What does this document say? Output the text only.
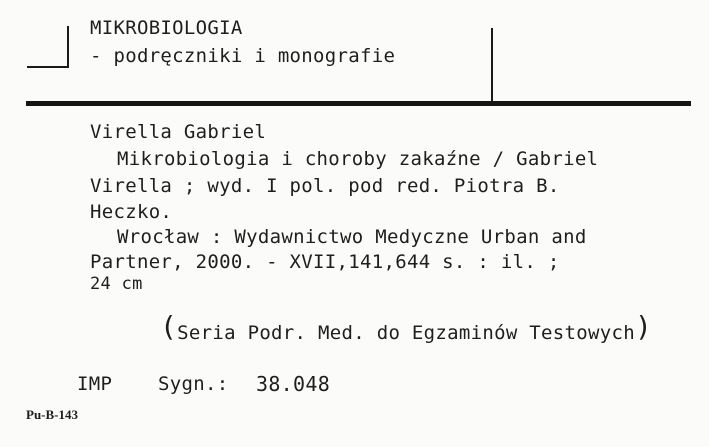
MIKROBIOLOGIA
- podręczniki i monografie
Virella Gabriel
Mikrobiologia i choroby zakaźne / Gabriel
Virella ; wyd. I pol. pod red. Piotra B.
Heczko.
Wrocław : Wydawnictwo Medyczne Urban and
Partner, 2000. - XVII,141,644 s. : il. ;
24 cm

(Seria Podr. Med. do Egzaminów Testowych)

IMP Sygn.: 38.048
Pu-B-143
